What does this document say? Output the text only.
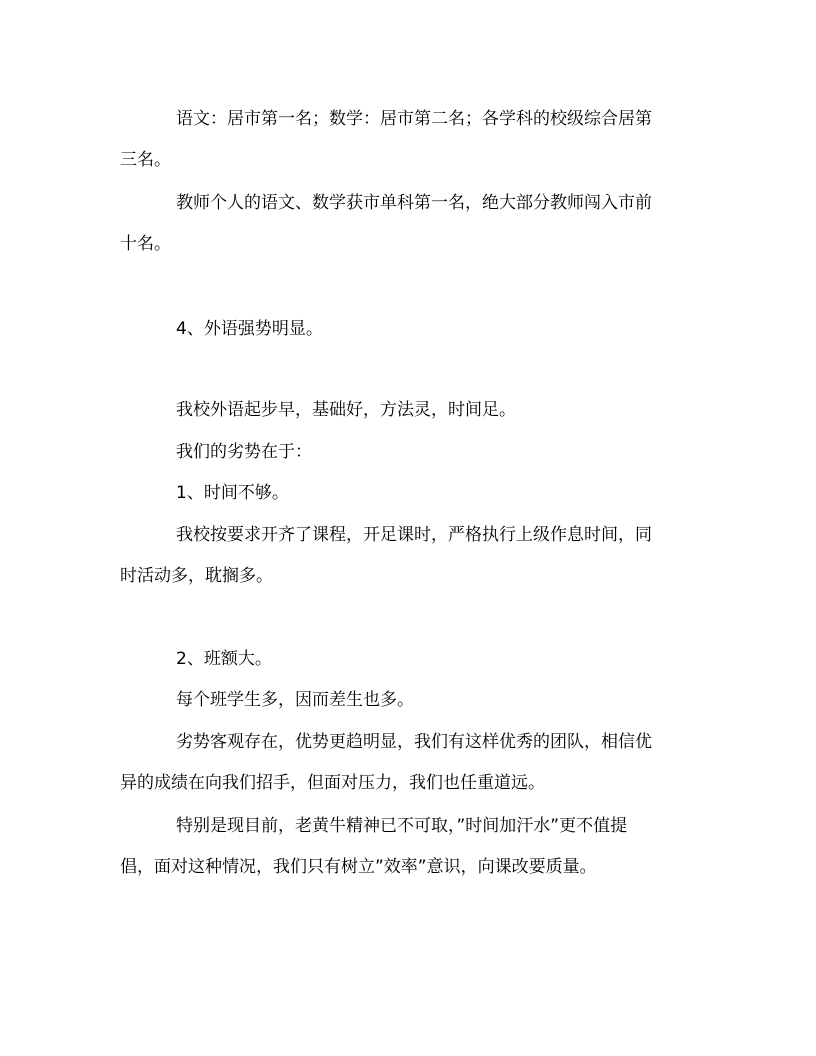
语文：居市第一名；数学：居市第二名；各学科的校级综合居第
三名。
教师个人的语文、数学获市单科第一名，绝大部分教师闯入市前
十名。
4、外语强势明显。
我校外语起步早，基础好，方法灵，时间足。
我们的劣势在于：
1、时间不够。
我校按要求开齐了课程，开足课时，严格执行上级作息时间，同
时活动多，耽搁多。
2、班额大。
每个班学生多，因而差生也多。
劣势客观存在，优势更趋明显，我们有这样优秀的团队，相信优
异的成绩在向我们招手，但面对压力，我们也任重道远。
特别是现目前，老黄牛精神已不可取，”时间加汗水”更不值提
倡，面对这种情况，我们只有树立”效率”意识，向课改要质量。
